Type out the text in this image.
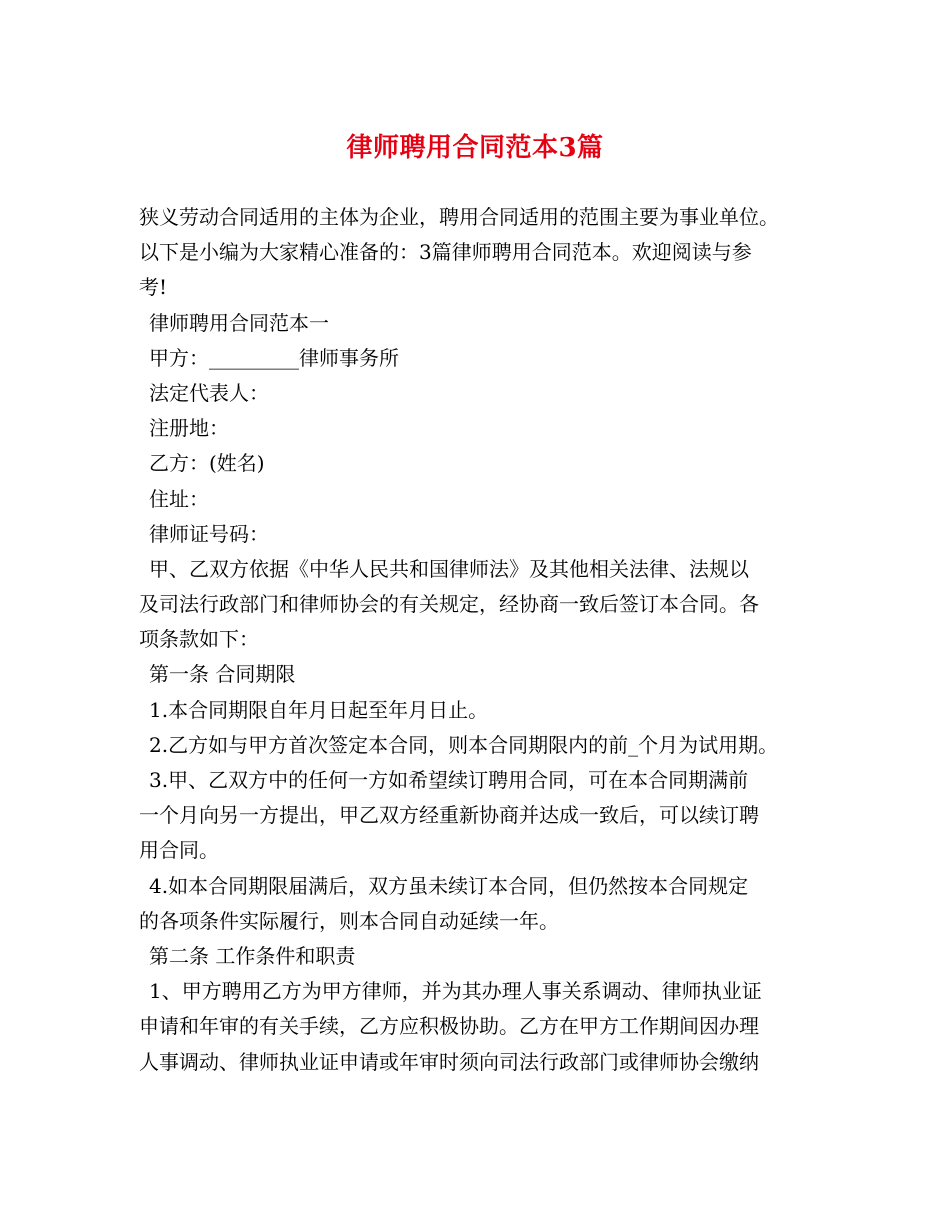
律师聘用合同范本3篇
狭义劳动合同适用的主体为企业，聘用合同适用的范围主要为事业单位。
以下是小编为大家精心准备的：3篇律师聘用合同范本。欢迎阅读与参
考!
律师聘用合同范本一
甲方：_________律师事务所
法定代表人：
注册地：
乙方：(姓名)
住址：
律师证号码：
甲、乙双方依据《中华人民共和国律师法》及其他相关法律、法规以
及司法行政部门和律师协会的有关规定，经协商一致后签订本合同。各
项条款如下：
第一条 合同期限
1.本合同期限自年月日起至年月日止。
2.乙方如与甲方首次签定本合同，则本合同期限内的前_个月为试用期。
3.甲、乙双方中的任何一方如希望续订聘用合同，可在本合同期满前
一个月向另一方提出，甲乙双方经重新协商并达成一致后，可以续订聘
用合同。
4.如本合同期限届满后，双方虽未续订本合同，但仍然按本合同规定
的各项条件实际履行，则本合同自动延续一年。
第二条 工作条件和职责
1、甲方聘用乙方为甲方律师，并为其办理人事关系调动、律师执业证
申请和年审的有关手续，乙方应积极协助。乙方在甲方工作期间因办理
人事调动、律师执业证申请或年审时须向司法行政部门或律师协会缴纳
